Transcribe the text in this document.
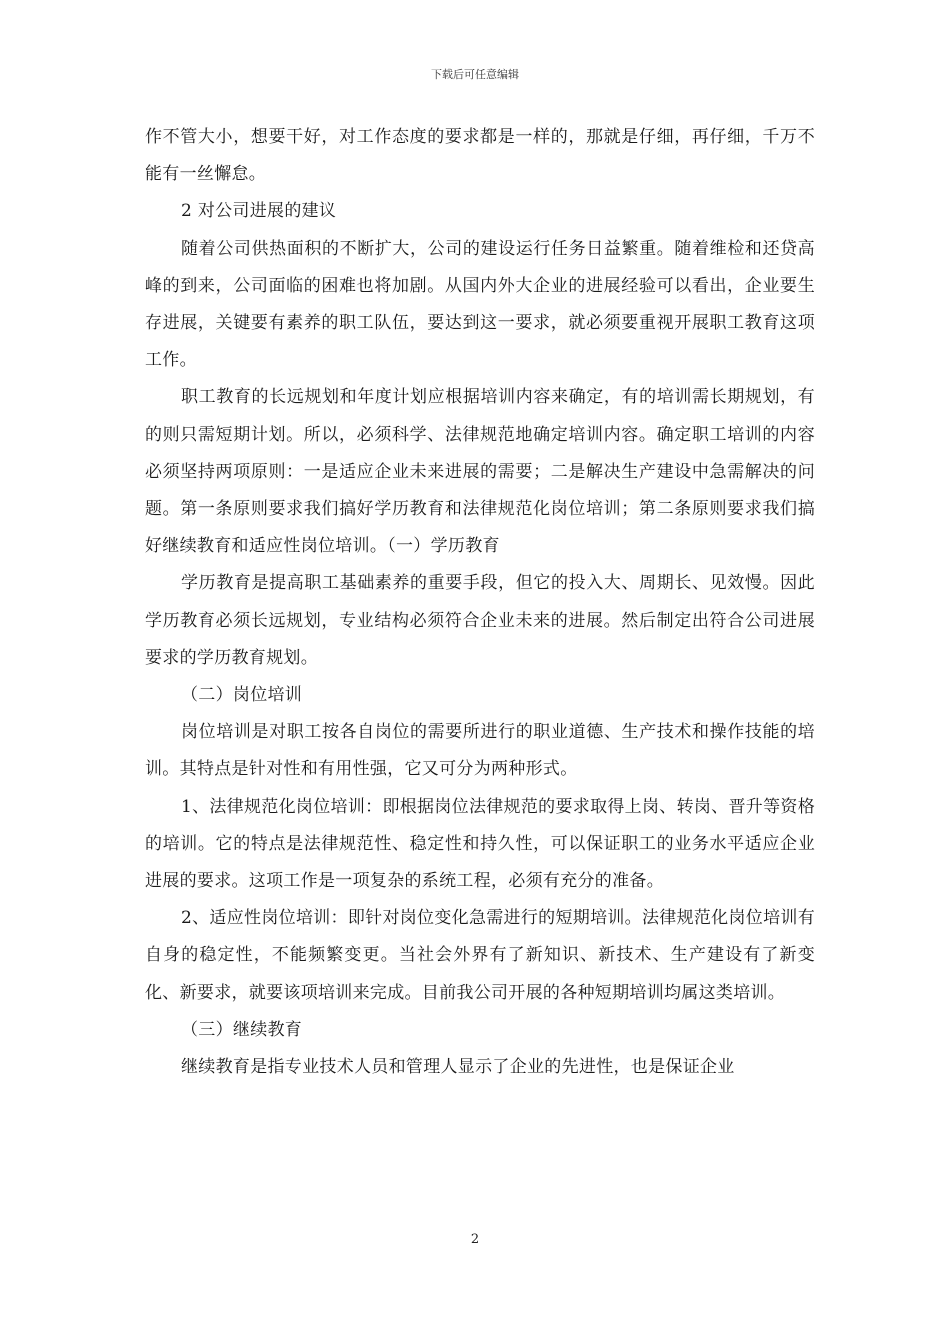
下载后可任意编辑

作不管大小，想要干好，对工作态度的要求都是一样的，那就是仔细，再仔细，千万不能有一丝懈怠。

2 对公司进展的建议

随着公司供热面积的不断扩大，公司的建设运行任务日益繁重。随着维检和还贷高峰的到来，公司面临的困难也将加剧。从国内外大企业的进展经验可以看出，企业要生存进展，关键要有素养的职工队伍，要达到这一要求，就必须要重视开展职工教育这项工作。

职工教育的长远规划和年度计划应根据培训内容来确定，有的培训需长期规划，有的则只需短期计划。所以，必须科学、法律规范地确定培训内容。确定职工培训的内容必须坚持两项原则：一是适应企业未来进展的需要；二是解决生产建设中急需解决的问题。第一条原则要求我们搞好学历教育和法律规范化岗位培训；第二条原则要求我们搞好继续教育和适应性岗位培训。（一）学历教育

学历教育是提高职工基础素养的重要手段，但它的投入大、周期长、见效慢。因此学历教育必须长远规划，专业结构必须符合企业未来的进展。然后制定出符合公司进展要求的学历教育规划。

（二）岗位培训

岗位培训是对职工按各自岗位的需要所进行的职业道德、生产技术和操作技能的培训。其特点是针对性和有用性强，它又可分为两种形式。

1、法律规范化岗位培训：即根据岗位法律规范的要求取得上岗、转岗、晋升等资格的培训。它的特点是法律规范性、稳定性和持久性，可以保证职工的业务水平适应企业进展的要求。这项工作是一项复杂的系统工程，必须有充分的准备。

2、适应性岗位培训：即针对岗位变化急需进行的短期培训。法律规范化岗位培训有自身的稳定性，不能频繁变更。当社会外界有了新知识、新技术、生产建设有了新变化、新要求，就要该项培训来完成。目前我公司开展的各种短期培训均属这类培训。

（三）继续教育

继续教育是指专业技术人员和管理人显示了企业的先进性，也是保证企业

2
